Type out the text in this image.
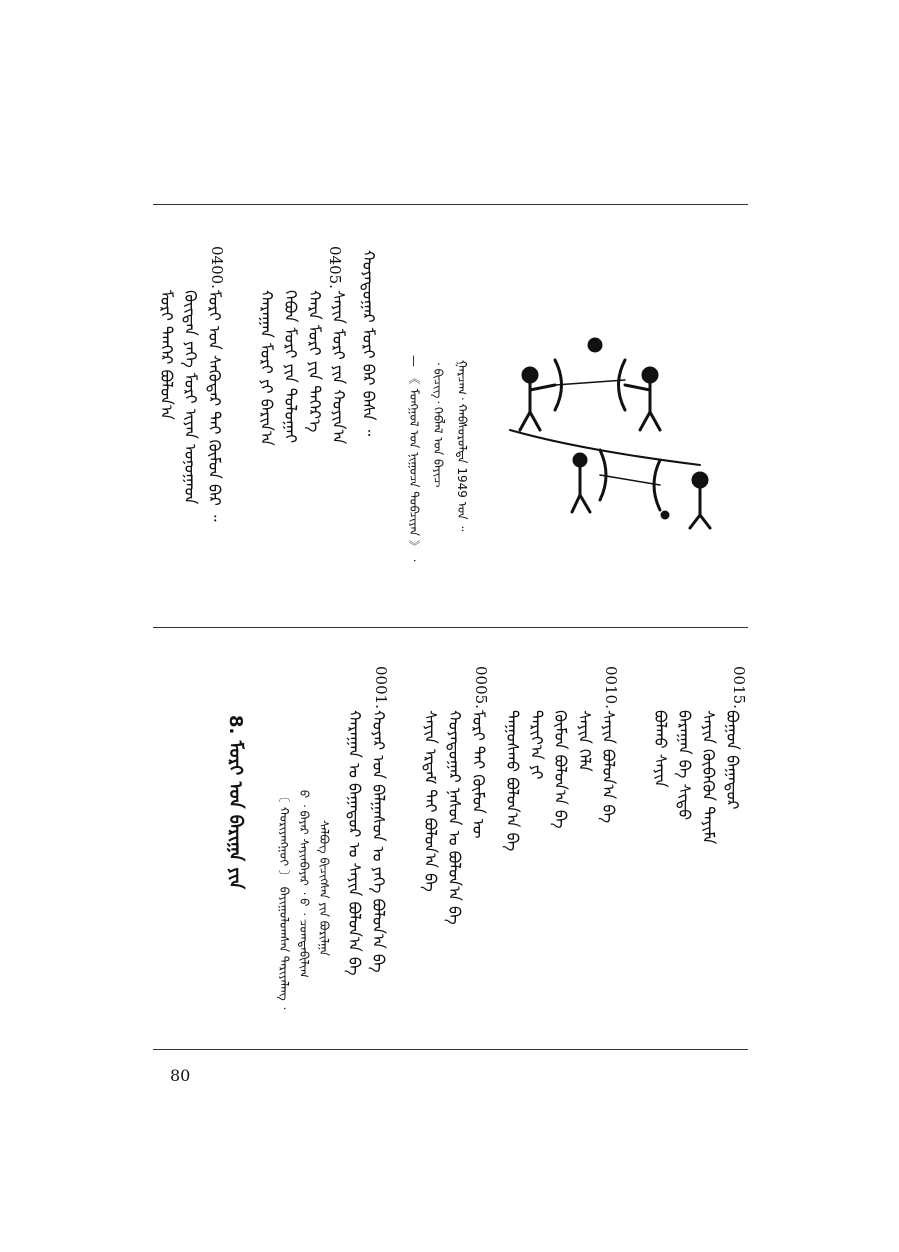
ᠭᠠᠷᠴᠠᠭ᠂ ᠬᠠᠪᠰᠤᠷᠤᠯᠲᠠ 1949 ᠣᠨ ᠃
᠂ ᠪᠢᠴᠢᠭ᠂ ᠬᠡᠪᠯᠡᠯ ᠤᠨ ᠪᠠᠶᠢᠴ
— 《 ᠮᠣᠩᠭᠣᠯ ᠤᠨ ᠨᠢᠭᠤᠴᠠ ᠲᠣᠪᠴᠢᠶᠠᠨ 》 ᠂
ᠬᠣᠶᠠᠳᠤᠭᠠᠷ ᠮᠣᠷᠢ ᠪᠠᠷ ᠪᠠᠰᠠ ᠃
0405.
ᠰᠠᠶᠢᠨ ᠮᠣᠷᠢ ᠶᠢᠨ ᠬᠣᠶᠢᠨ᠎ᠠ
ᠬᠠᠷᠠ ᠮᠣᠷᠢ ᠶᠢᠨ ᠳᠡᠭᠡᠷ᠎ᠡ
ᠬᠡᠪᠦᠨ ᠮᠣᠷᠢ ᠶᠢᠨ ᠲᠣᠯᠣᠭᠠᠢ
ᠬᠠᠷᠠᠭᠠᠨ ᠮᠣᠷᠢ ᠶᠢ ᠪᠠᠷᠢᠨ᠎ᠠ
0400.
ᠮᠣᠷᠢ ᠤᠨ ᠰᠡᠭᠦᠳᠡᠷ ᠲᠠᠢ ᠬᠦᠮᠦᠨ ᠪᠠᠷ ᠃
ᠬᠦᠢᠲᠡᠨ ᠶᠡᠬᠡ ᠮᠣᠷᠢ ᠢᠶᠠᠨ ᠤᠨᠤᠭᠠᠳ
ᠮᠣᠷᠢ ᠲᠡᠨᠭᠡᠷ ᠪᠣᠯᠤᠨ᠎ᠠ
0015.
ᠪᠣᠭᠣᠨ ᠪᠠᠭᠠᠳᠤᠷ
ᠰᠠᠶᠢᠨ ᠬᠦᠪᠡᠭᠦᠨ ᠲᠠᠶᠢᠮᠡ
ᠪᠠᠷᠠᠭᠠᠨ ᠪᠠ ᠰᠢᠳᠦ
ᠪᠣᠯᠬᠤ ᠰᠠᠶᠢᠨ
0010.
ᠰᠠᠶᠢᠨ ᠪᠣᠯᠤᠨ᠎ᠠ ᠪᠠ
ᠰᠠᠶᠢᠨ ᠬᠡᠯᠡ
ᠬᠦᠮᠦᠨ ᠪᠣᠯᠤᠨ᠎ᠠ ᠪᠠ
ᠲᠠᠷᠢᠶ᠎ᠠ ᠶᠢ
ᠳᠠᠭᠤᠰᠬᠤ ᠪᠣᠯᠤᠨ᠎ᠠ ᠪᠠ
0005.
ᠮᠣᠷᠢ ᠲᠠᠢ ᠬᠦᠮᠦᠨ ᠦ
ᠬᠣᠶᠠᠳᠤᠭᠠᠷ ᠨᠠᠰᠤᠨ ᠤ ᠪᠣᠯᠤᠨ᠎ᠠ ᠪᠠ
ᠰᠠᠶᠢᠨ ᠡᠷᠳᠡᠮ ᠲᠡᠢ ᠪᠣᠯᠤᠨ᠎ᠠ ᠪᠠ
0001.
ᠬᠣᠶᠠᠷ ᠤᠨ ᠪᠠᠯᠭᠠᠰᠤᠨ ᠤ ᠶᠡᠬᠡ ᠪᠣᠯᠤᠨ᠎ᠠ ᠪᠠ
ᠬᠠᠷᠠᠭᠠᠨ ᠤ ᠪᠠᠭᠠᠳᠤᠷ ᠤ ᠰᠠᠶᠢᠨ ᠪᠣᠯᠤᠨ᠎ᠠ ᠪᠠ
ᠰᠡᠯᠪᠦᠭ ᠪᠢᠴᠢᠭᠰᠡᠨ ᠶᠢᠨ ᠪᠤᠷᠢᠯᠭᠠ
ᠪ ᠂ ᠪᠠᠶᠠᠷ ᠰᠠᠶᠢᠨᠪᠠᠶᠠᠷ ᠂ ᠪ ᠂ ᠴᠣᠭᠲᠠᠪᠢᠯᠢᠭ
〔 ᠬᠣᠷᠢᠶᠠᠩᠭᠤᠢ 〕 ᠪᠠᠶᠢᠭᠤᠯᠤᠭᠰᠠᠨ ᠲᠠᠷᠢᠶᠠᠯᠠᠩ ᠂
8. ᠮᠣᠷᠢ ᠤᠨ ᠪᠠᠷᠢᠭᠠ ᠶᠢᠨ
80
